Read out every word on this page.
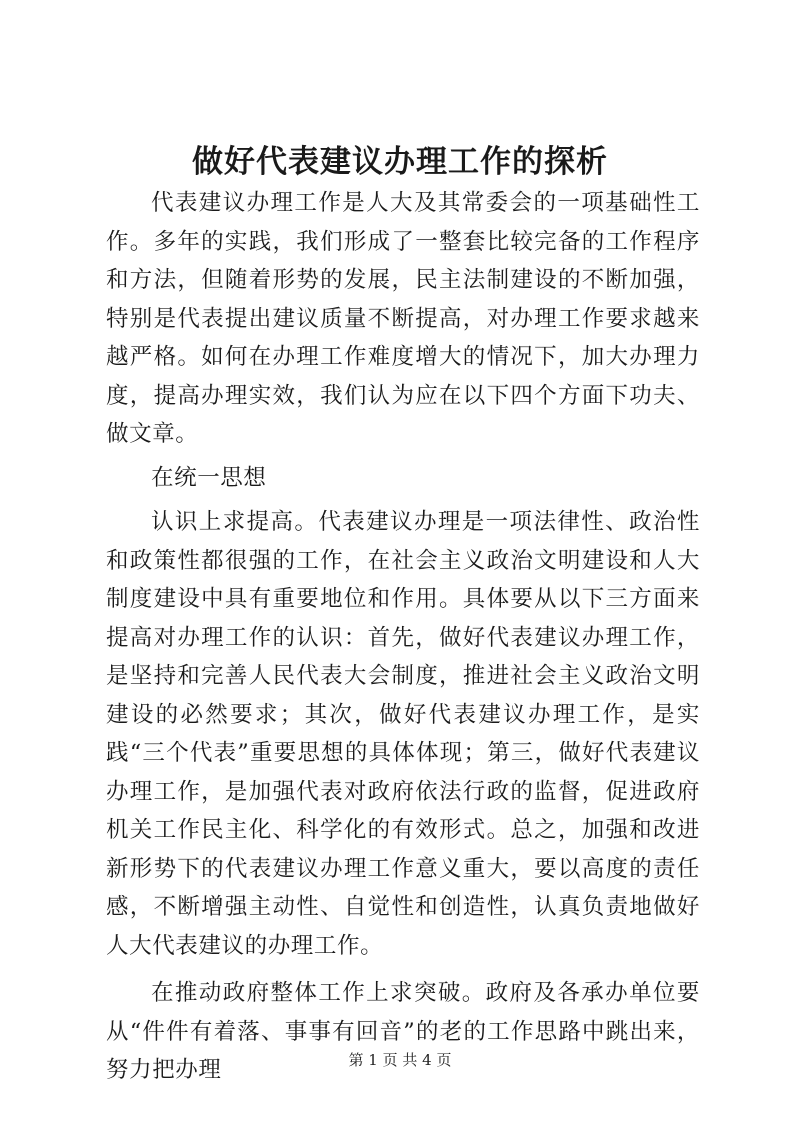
做好代表建议办理工作的探析

代表建议办理工作是人大及其常委会的一项基础性工作。多年的实践，我们形成了一整套比较完备的工作程序和方法，但随着形势的发展，民主法制建设的不断加强，特别是代表提出建议质量不断提高，对办理工作要求越来越严格。如何在办理工作难度增大的情况下，加大办理力度，提高办理实效，我们认为应在以下四个方面下功夫、做文章。

在统一思想

认识上求提高。代表建议办理是一项法律性、政治性和政策性都很强的工作，在社会主义政治文明建设和人大制度建设中具有重要地位和作用。具体要从以下三方面来提高对办理工作的认识：首先，做好代表建议办理工作，是坚持和完善人民代表大会制度，推进社会主义政治文明建设的必然要求；其次，做好代表建议办理工作，是实践“三个代表”重要思想的具体体现；第三，做好代表建议办理工作，是加强代表对政府依法行政的监督，促进政府机关工作民主化、科学化的有效形式。总之，加强和改进新形势下的代表建议办理工作意义重大，要以高度的责任感，不断增强主动性、自觉性和创造性，认真负责地做好人大代表建议的办理工作。

在推动政府整体工作上求突破。政府及各承办单位要从“件件有着落、事事有回音”的老的工作思路中跳出来，努力把办理	第 1 页 共 4 页
